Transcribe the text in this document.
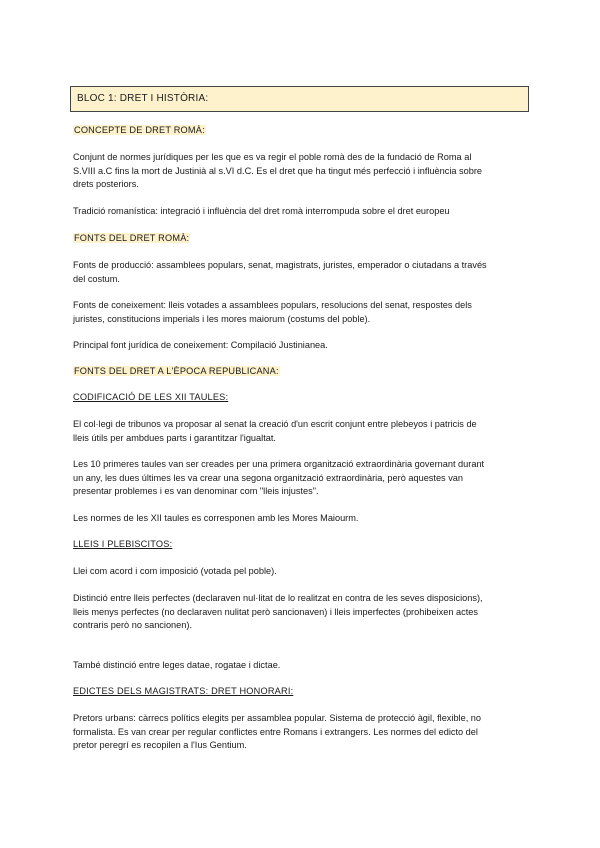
BLOC 1: DRET I HISTÒRIA:
CONCEPTE DE DRET ROMÀ:
Conjunt de normes jurídiques per les que es va regir el poble romà des de la fundació de Roma al
S.VIII a.C fins la mort de Justinià al s.VI d.C. Es el dret que ha tingut més perfecció i influència sobre
drets posteriors.
Tradició romanística: integració i influència del dret romà interrompuda sobre el dret europeu
FONTS DEL DRET ROMÀ:
Fonts de producció: assamblees populars, senat, magistrats, juristes, emperador o ciutadans a través
del costum.
Fonts de coneixement: lleis votades a assamblees populars, resolucions del senat, respostes dels
juristes, constitucions imperials i les mores maiorum (costums del poble).
Principal font jurídica de coneixement: Compilació Justinianea.
FONTS DEL DRET A L'ÈPOCA REPUBLICANA:
CODIFICACIÓ DE LES XII TAULES:
El col·legi de tribunos va proposar al senat la creació d'un escrit conjunt entre plebeyos i patricis de
lleis útils per ambdues parts i garantitzar l'igualtat.
Les 10 primeres taules van ser creades per una primera organització extraordinària governant durant
un any, les dues últimes les va crear una segona organització extraordinària, però aquestes van
presentar problemes i es van denominar com "lleis injustes".
Les normes de les XII taules es corresponen amb les Mores Maiourm.
LLEIS I PLEBISCITOS:
Llei com acord i com imposició (votada pel poble).
Distinció entre lleis perfectes (declaraven nul·litat de lo realitzat en contra de les seves disposicions),
lleis menys perfectes (no declaraven nulitat però sancionaven) i lleis imperfectes (prohibeixen actes
contraris però no sancionen).
També distinció entre leges datae, rogatae i dictae.
EDICTES DELS MAGISTRATS: DRET HONORARI:
Pretors urbans: càrrecs polítics elegits per assamblea popular. Sistema de protecció àgil, flexible, no
formalista. Es van crear per regular conflictes entre Romans i extrangers. Les normes del edicto del
pretor peregrí es recopilen a l'Ius Gentium.
